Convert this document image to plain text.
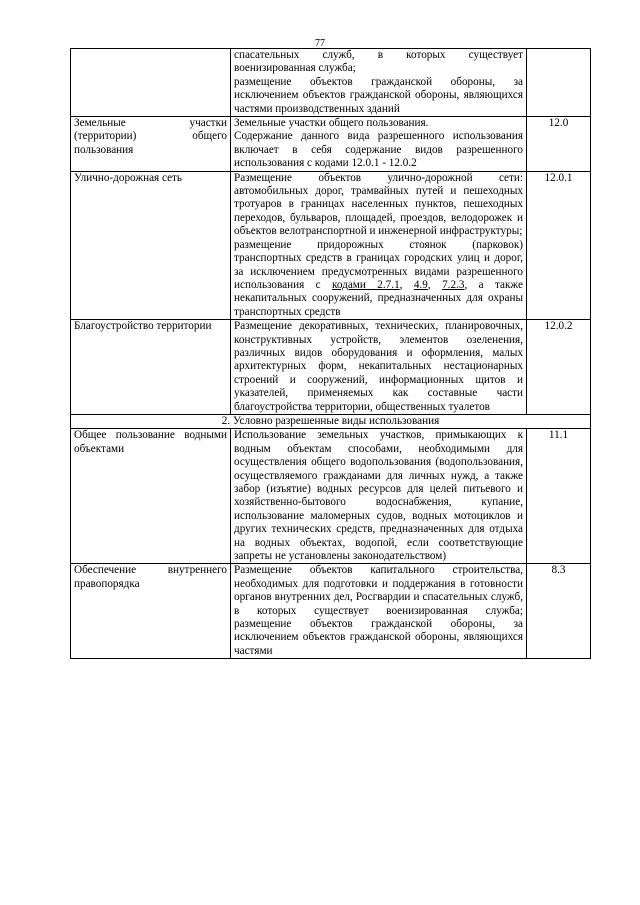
77

	спасательных служб, в которых существует военизированная служба;

размещение объектов гражданской обороны, за исключением объектов гражданской обороны, являющихся частями производственных зданий	

Земельные участки (территории) общего пользования	Земельные участки общего пользования.

Содержание данного вида разрешенного использования включает в себя содержание видов разрешенного использования с кодами 12.0.1 - 12.0.2	12.0
Улично-дорожная сеть	Размещение объектов улично-дорожной сети: автомобильных дорог, трамвайных путей и пешеходных тротуаров в границах населенных пунктов, пешеходных переходов, бульваров, площадей, проездов, велодорожек и объектов велотранспортной и инженерной инфраструктуры;

размещение придорожных стоянок (парковок) транспортных средств в границах городских улиц и дорог, за исключением предусмотренных видами разрешенного использования с кодами 2.7.1, 4.9, 7.2.3, а также некапитальных сооружений, предназначенных для охраны транспортных средств	12.0.1
Благоустройство территории	Размещение декоративных, технических, планировочных, конструктивных устройств, элементов озеленения, различных видов оборудования и оформления, малых архитектурных форм, некапитальных нестационарных строений и сооружений, информационных щитов и указателей, применяемых как составные части благоустройства территории, общественных туалетов	12.0.2
2. Условно разрешенные виды использования		
Общее пользование водными объектами	Использование земельных участков, примыкающих к водным объектам способами, необходимыми для осуществления общего водопользования (водопользования, осуществляемого гражданами для личных нужд, а также забор (изъятие) водных ресурсов для целей питьевого и хозяйственно-бытового водоснабжения, купание, использование маломерных судов, водных мотоциклов и других технических средств, предназначенных для отдыха на водных объектах, водопой, если соответствующие запреты не установлены законодательством)	11.1
Обеспечение внутреннего правопорядка	Размещение объектов капитального строительства, необходимых для подготовки и поддержания в готовности органов внутренних дел, Росгвардии и спасательных служб, в которых существует военизированная служба; размещение объектов гражданской обороны, за исключением объектов гражданской обороны, являющихся частями	8.3
